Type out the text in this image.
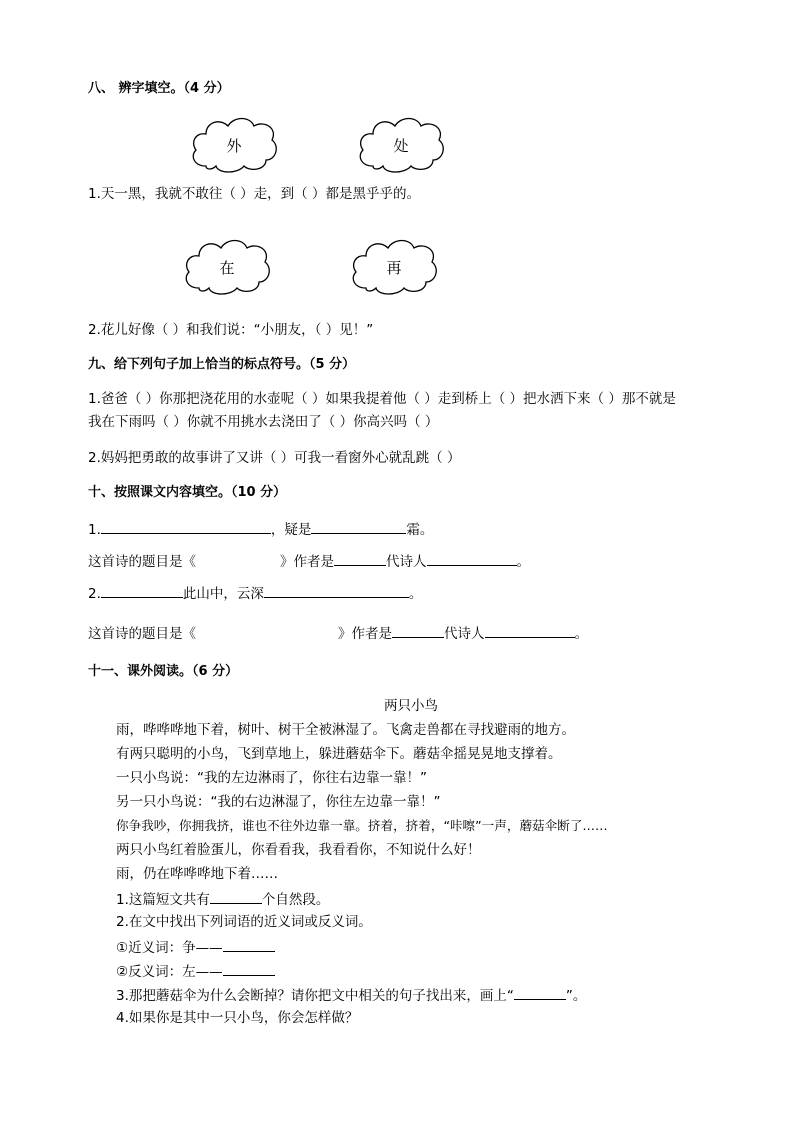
八、 辨字填空。（4 分）
外	处
1.天一黑，我就不敢往（ ）走，到（ ）都是黑乎乎的。
在	再
2.花儿好像（ ）和我们说：“小朋友，（ ）见！”
九、给下列句子加上恰当的标点符号。（5 分）
1.爸爸（ ）你那把浇花用的水壶呢（ ）如果我提着他（ ）走到桥上（ ）把水洒下来（ ）那不就是
我在下雨吗（ ）你就不用挑水去浇田了（ ）你高兴吗（ ）
2.妈妈把勇敢的故事讲了又讲（ ）可我一看窗外心就乱跳（ ）
十、按照课文内容填空。（10 分）
1.	，疑是	霜。
这首诗的题目是《	》作者是	代诗人	。
2.	此山中，云深	。
这首诗的题目是《	》作者是	代诗人	。
十一、课外阅读。（6 分）
两只小鸟
雨，哗哗哗地下着，树叶、树干全被淋湿了。飞禽走兽都在寻找避雨的地方。
有两只聪明的小鸟，飞到草地上，躲进蘑菇伞下。蘑菇伞摇晃晃地支撑着。
一只小鸟说：“我的左边淋雨了，你往右边靠一靠！”
另一只小鸟说：“我的右边淋湿了，你往左边靠一靠！”
你争我吵，你拥我挤，谁也不往外边靠一靠。挤着，挤着，“咔嚓”一声，蘑菇伞断了……
两只小鸟红着脸蛋儿，你看看我，我看看你，不知说什么好！
雨，仍在哗哗哗地下着……
1.这篇短文共有	个自然段。
2.在文中找出下列词语的近义词或反义词。
①近义词：争——
②反义词：左——
3.那把蘑菇伞为什么会断掉？请你把文中相关的句子找出来，画上“	”。
4.如果你是其中一只小鸟，你会怎样做？
